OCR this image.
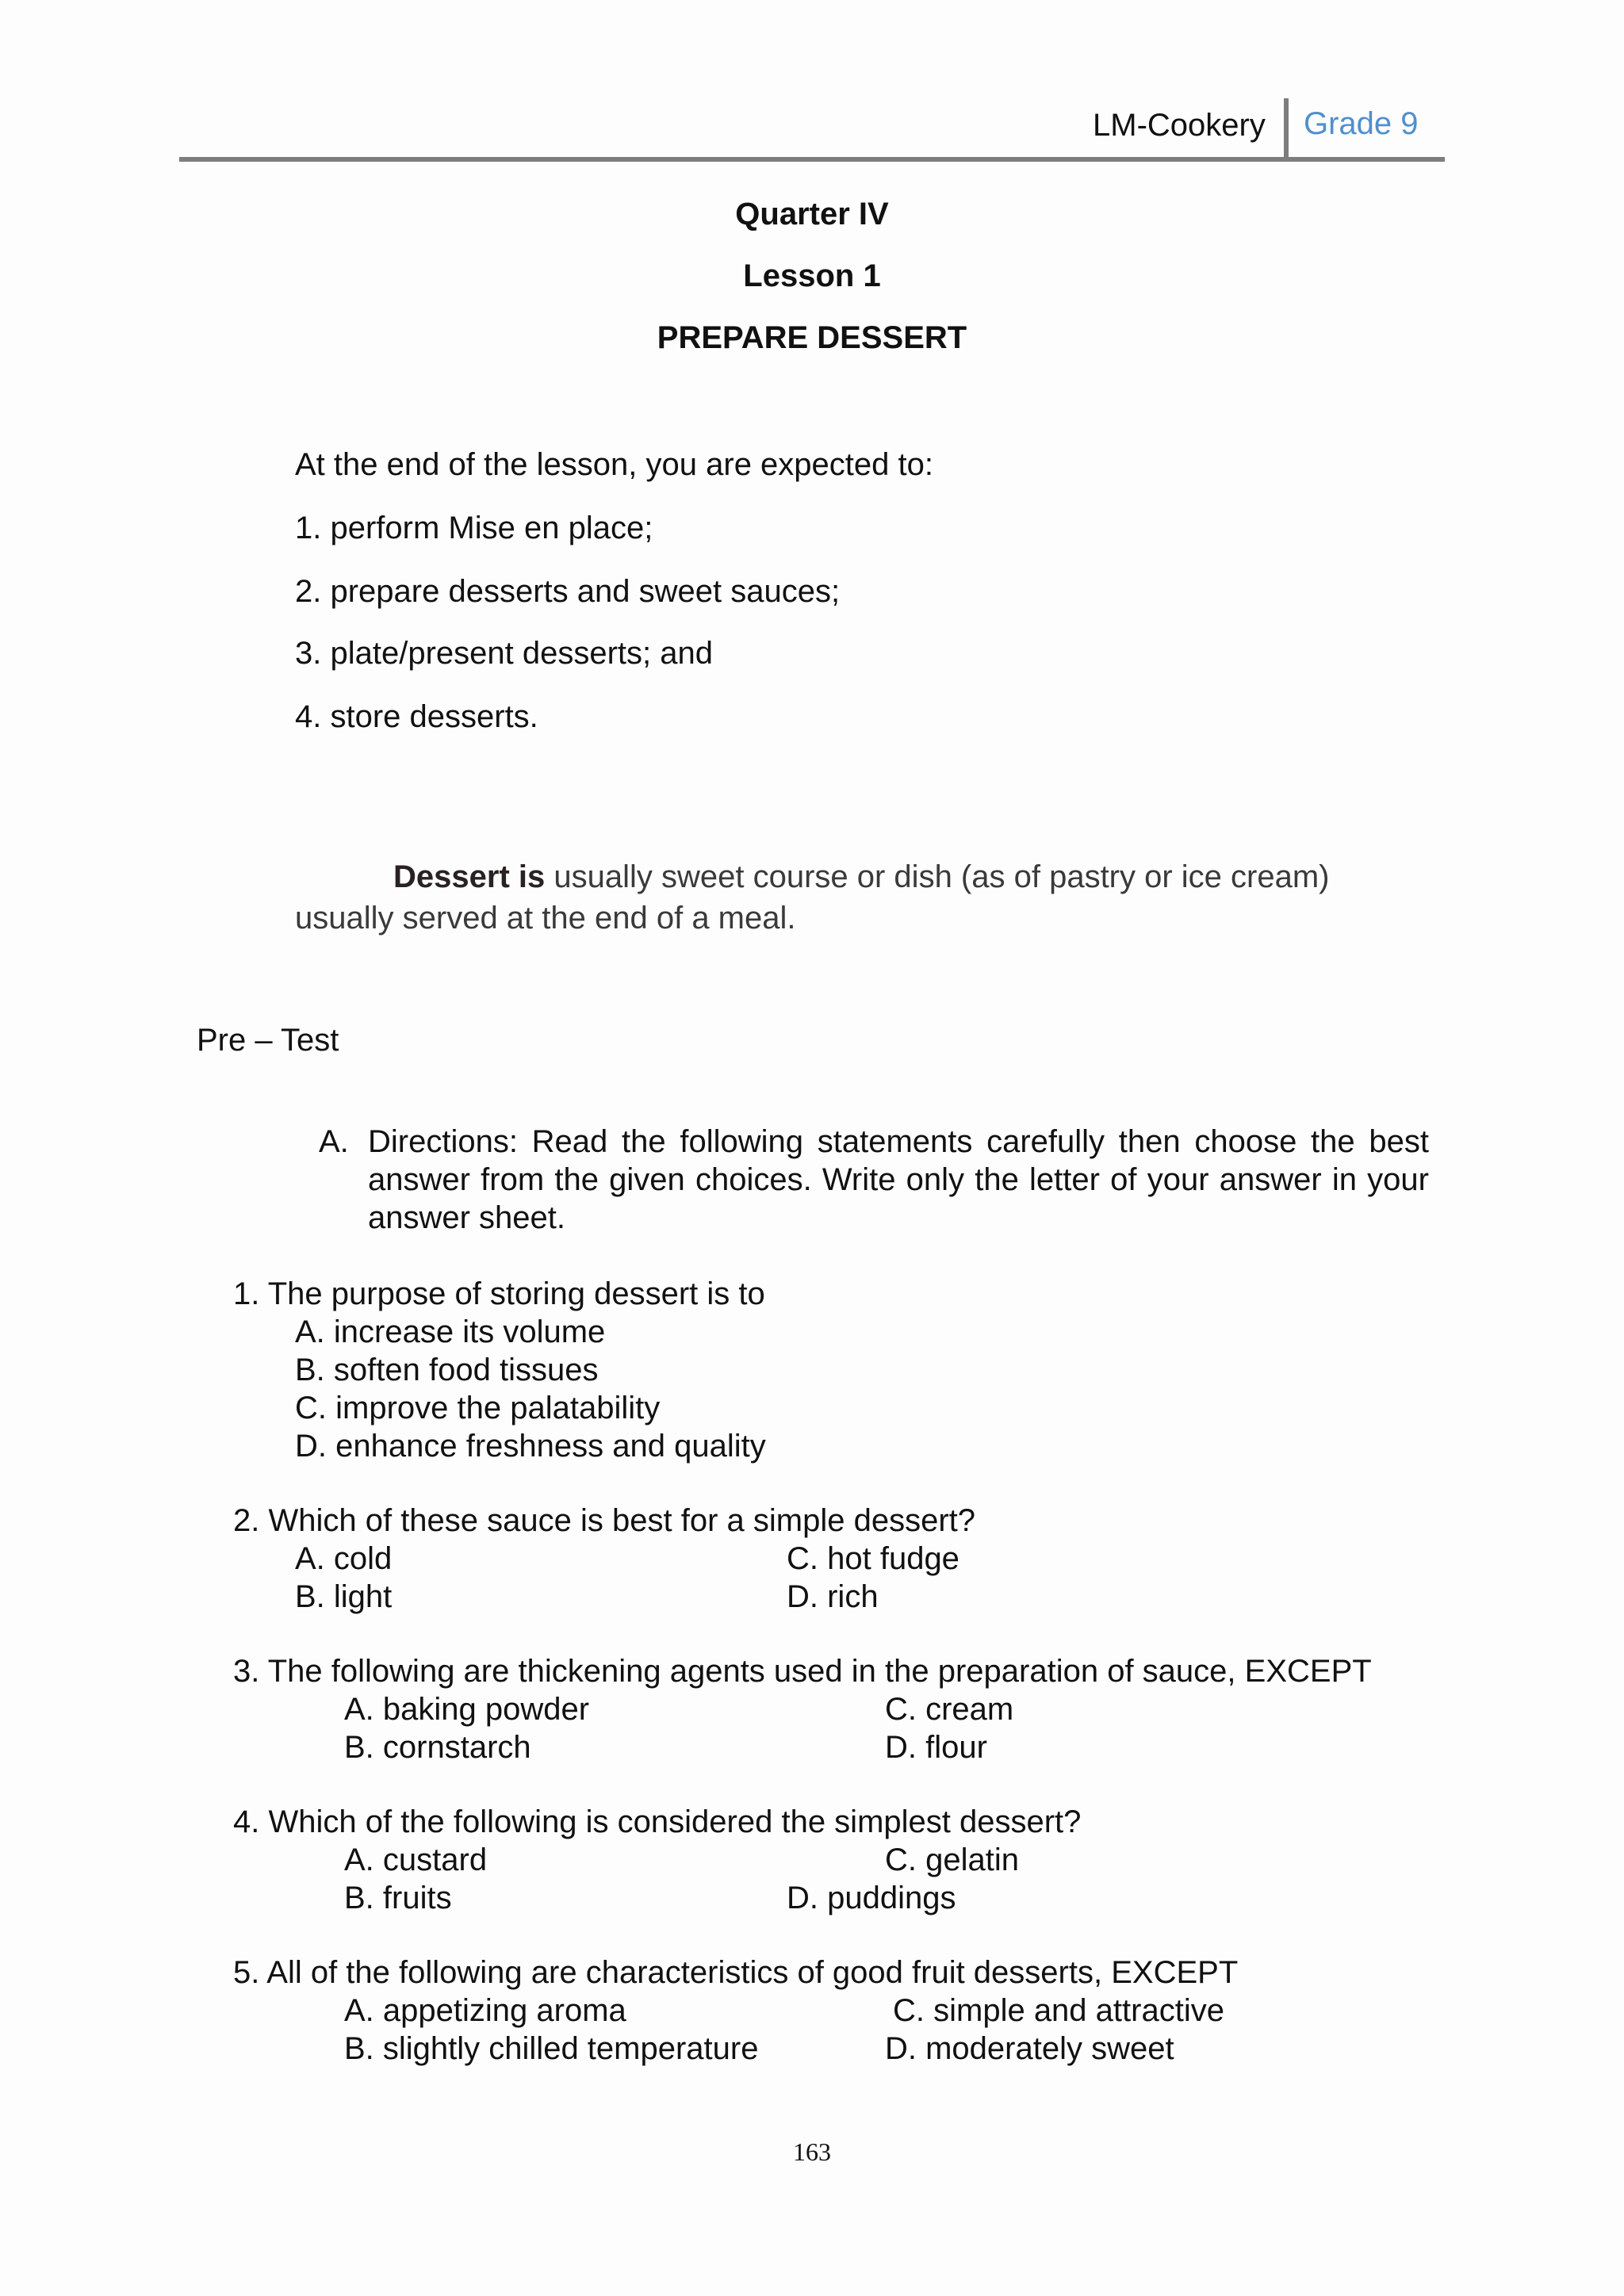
LM-Cookery Grade 9
Quarter IV
Lesson 1
PREPARE DESSERT
At the end of the lesson, you are expected to:
1. perform Mise en place;
2. prepare desserts and sweet sauces;
3. plate/present desserts; and
4. store desserts.
Dessert is usually sweet course or dish (as of pastry or ice cream)
usually served at the end of a meal.
Pre – Test
A. Directions: Read the following statements carefully then choose the best answer from the given choices. Write only the letter of your answer in your answer sheet.
1. The purpose of storing dessert is to
A. increase its volume
B. soften food tissues
C. improve the palatability
D. enhance freshness and quality
2. Which of these sauce is best for a simple dessert?
A. cold	C. hot fudge
B. light	D. rich
3. The following are thickening agents used in the preparation of sauce, EXCEPT
A. baking powder	C. cream
B. cornstarch	D. flour
4. Which of the following is considered the simplest dessert?
A. custard	C. gelatin
B. fruits	D. puddings
5. All of the following are characteristics of good fruit desserts, EXCEPT
A. appetizing aroma	C. simple and attractive
B. slightly chilled temperature	D. moderately sweet
163
